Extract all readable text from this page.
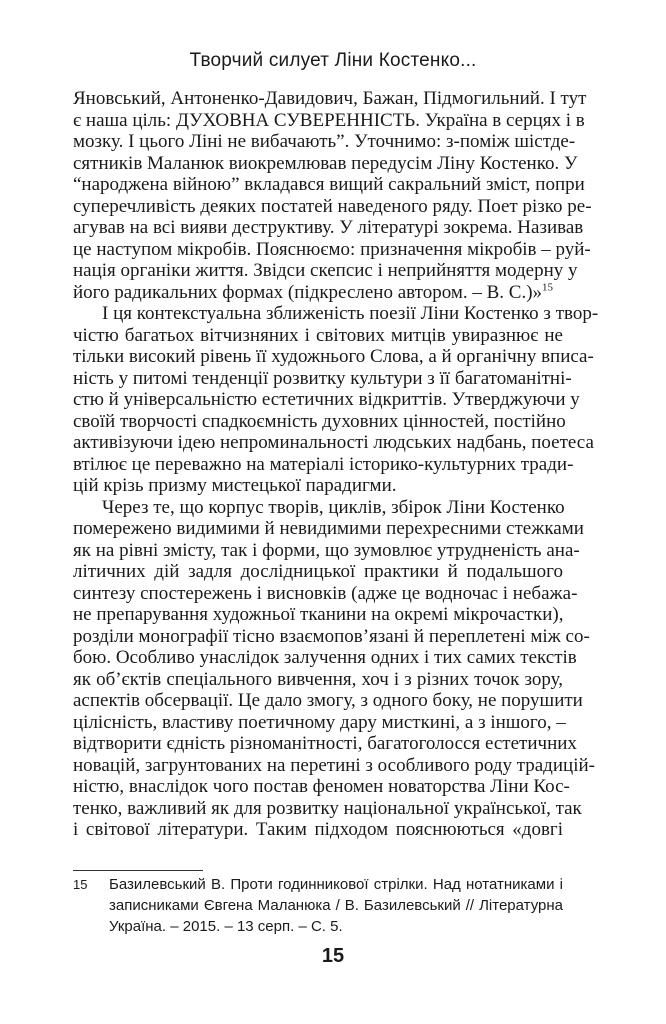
Творчий силует Ліни Костенко...
Яновський, Антоненко-Давидович, Бажан, Підмогильний. І тут
є наша ціль: ДУХОВНА СУВЕРЕННІСТЬ. Україна в серцях і в
мозку. І цього Ліні не вибачають”. Уточнимо: з-поміж шістде-
сятників Маланюк виокремлював передусім Ліну Костенко. У
“народжена війною” вкладався вищий сакральний зміст, попри
суперечливість деяких постатей наведеного ряду. Поет різко ре-
агував на всі вияви деструктиву. У літературі зокрема. Називав
це наступом мікробів. Пояснюємо: призначення мікробів – руй-
нація органіки життя. Звідси скепсис і неприйняття модерну у
його радикальних формах (підкреслено автором. – В. С.)»$^{15}$
І ця контекстуальна зближеність поезії Ліни Костенко з твор-
чістю багатьох вітчизняних і світових митців увиразнює не
тільки високий рівень її художнього Слова, а й органічну вписа-
ність у питомі тенденції розвитку культури з її багатоманітні-
стю й універсальністю естетичних відкриттів. Утверджуючи у
своїй творчості спадкоємність духовних цінностей, постійно
активізуючи ідею непроминальності людських надбань, поетеса
втілює це переважно на матеріалі історико-культурних тради-
цій крізь призму мистецької парадигми.
Через те, що корпус творів, циклів, збірок Ліни Костенко
помережено видимими й невидимими перехресними стежками
як на рівні змісту, так і форми, що зумовлює утрудненість ана-
літичних дій задля дослідницької практики й подальшого
синтезу спостережень і висновків (адже це водночас і небажа-
не препарування художньої тканини на окремі мікрочастки),
розділи монографії тісно взаємопов’язані й переплетені між со-
бою. Особливо унаслідок залучення одних і тих самих текстів
як об’єктів спеціального вивчення, хоч і з різних точок зору,
аспектів обсервації. Це дало змогу, з одного боку, не порушити
цілісність, властиву поетичному дару мисткині, а з іншого, –
відтворити єдність різноманітності, багатоголосся естетичних
новацій, загрунтованих на перетині з особливого роду традицій-
ністю, внаслідок чого постав феномен новаторства Ліни Кос-
тенко, важливий як для розвитку національної української, так
і світової літератури. Таким підходом пояснюються «довгі
15 Базилевський В. Проти годинникової стрілки. Над нотатниками і
записниками Євгена Маланюка / В. Базилевський // Літературна
Україна. – 2015. – 13 серп. – С. 5.
15
